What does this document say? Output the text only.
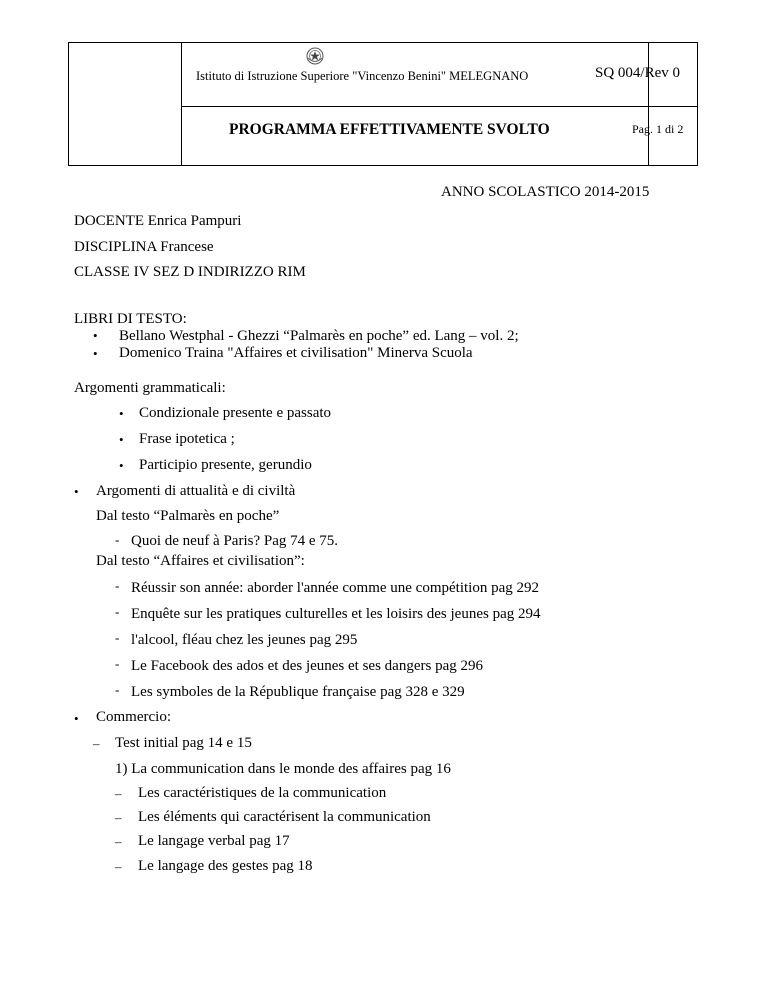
Istituto di Istruzione Superiore "Vincenzo Benini" MELEGNANO	SQ 004/Rev 0
PROGRAMMA EFFETTIVAMENTE SVOLTO	Pag. 1 di 2
ANNO SCOLASTICO 2014-2015
DOCENTE Enrica Pampuri
DISCIPLINA Francese
CLASSE IV SEZ D INDIRIZZO RIM
LIBRI DI TESTO:
• Bellano Westphal - Ghezzi “Palmarès en poche” ed. Lang – vol. 2;
• Domenico Traina "Affaires et civilisation" Minerva Scuola
Argomenti grammaticali:
• Condizionale presente e passato
• Frase ipotetica ;
• Participio presente, gerundio
• Argomenti di attualità e di civiltà
Dal testo “Palmarès en poche”
- Quoi de neuf à Paris? Pag 74 e 75.
Dal testo “Affaires et civilisation”:
- Réussir son année: aborder l'année comme une compétition pag 292
- Enquête sur les pratiques culturelles et les loisirs des jeunes pag 294
- l'alcool, fléau chez les jeunes pag 295
- Le Facebook des ados et des jeunes et ses dangers pag 296
- Les symboles de la République française pag 328 e 329
• Commercio:
– Test initial pag 14 e 15
1) La communication dans le monde des affaires pag 16
– Les caractéristiques de la communication
– Les éléments qui caractérisent la communication
– Le langage verbal pag 17
– Le langage des gestes pag 18
